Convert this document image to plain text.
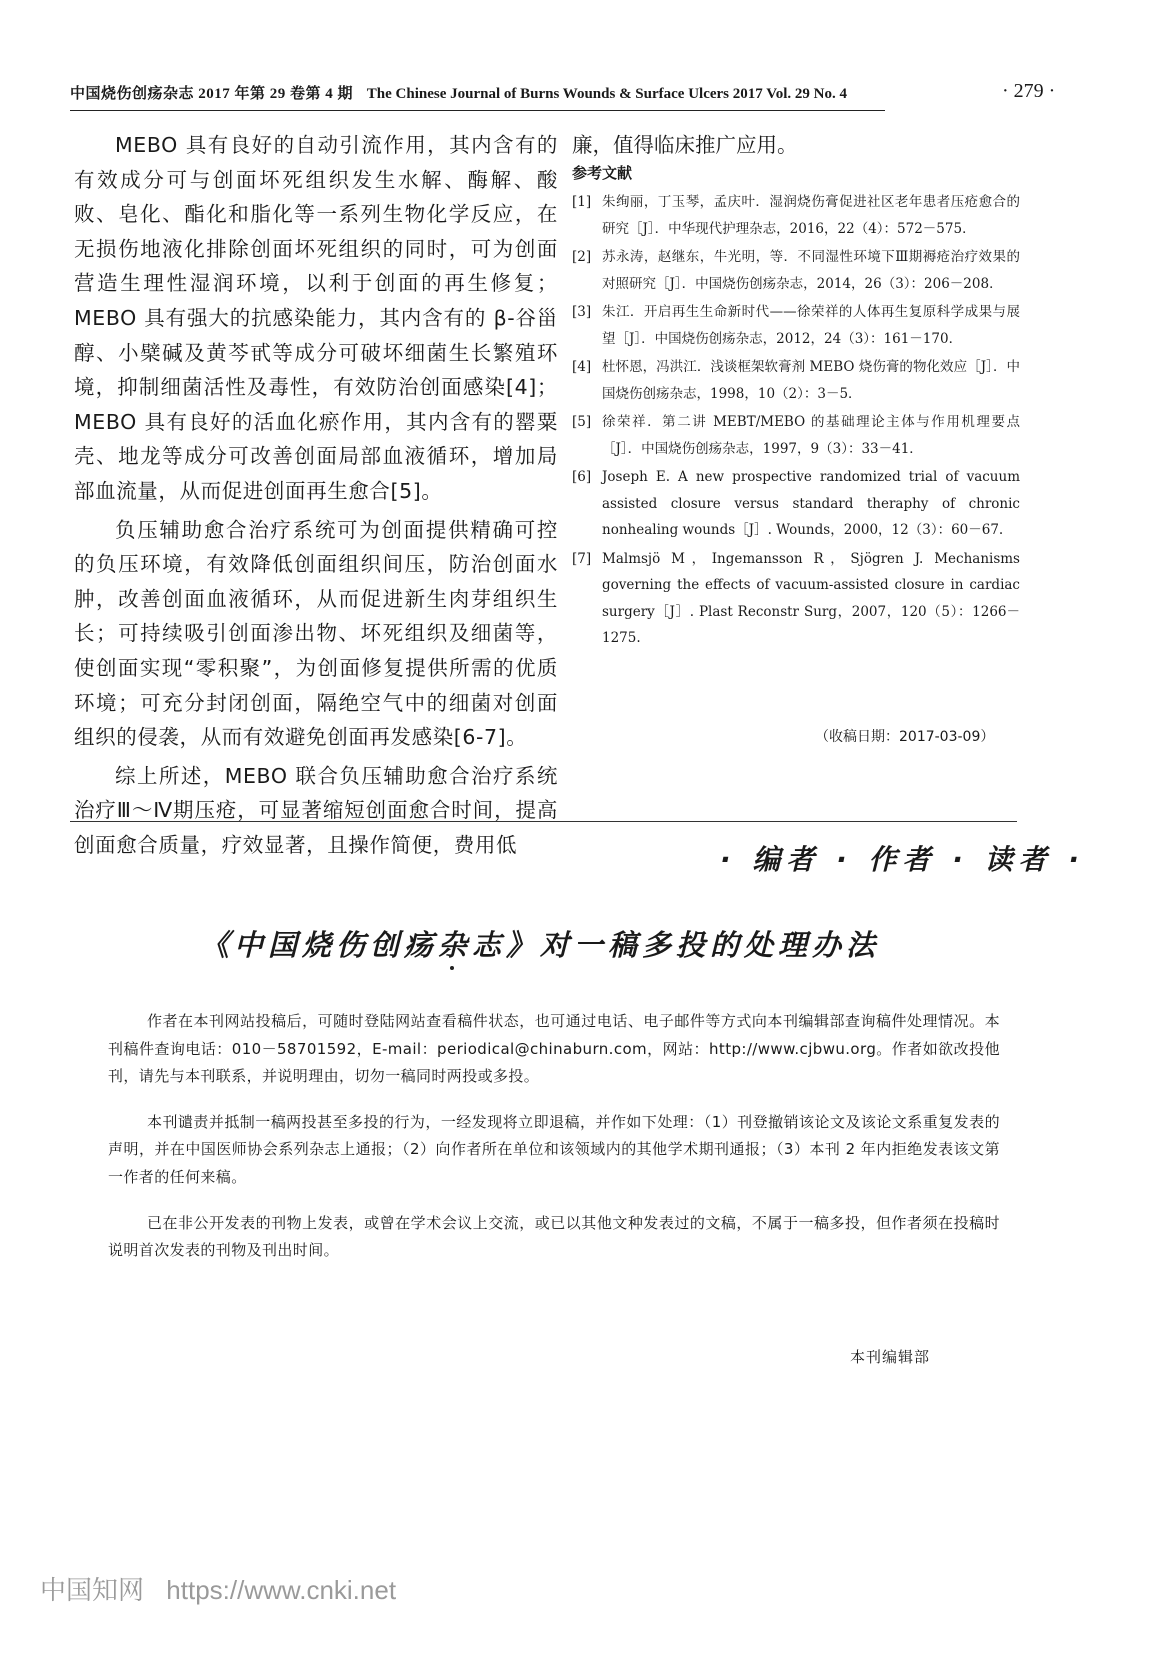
中国烧伤创疡杂志 2017 年第 29 卷第 4 期 The Chinese Journal of Burns Wounds & Surface Ulcers 2017 Vol. 29 No. 4	· 279 ·

MEBO 具有良好的自动引流作用，其内含有的有效成分可与创面坏死组织发生水解、酶解、酸败、皂化、酯化和脂化等一系列生物化学反应，在无损伤地液化排除创面坏死组织的同时，可为创面营造生理性湿润环境，以利于创面的再生修复；MEBO 具有强大的抗感染能力，其内含有的 β-谷甾醇、小檗碱及黄芩甙等成分可破坏细菌生长繁殖环境，抑制细菌活性及毒性，有效防治创面感染[4]；MEBO 具有良好的活血化瘀作用，其内含有的罂粟壳、地龙等成分可改善创面局部血液循环，增加局部血流量，从而促进创面再生愈合[5]。

负压辅助愈合治疗系统可为创面提供精确可控的负压环境，有效降低创面组织间压，防治创面水肿，改善创面血液循环，从而促进新生肉芽组织生长；可持续吸引创面渗出物、坏死组织及细菌等，使创面实现“零积聚”，为创面修复提供所需的优质环境；可充分封闭创面，隔绝空气中的细菌对创面组织的侵袭，从而有效避免创面再发感染[6-7]。

综上所述，MEBO 联合负压辅助愈合治疗系统治疗Ⅲ～Ⅳ期压疮，可显著缩短创面愈合时间，提高创面愈合质量，疗效显著，且操作简便，费用低

廉，值得临床推广应用。

参考文献

[1] 朱绚丽，丁玉琴，孟庆叶．湿润烧伤膏促进社区老年患者压疮愈合的研究［J］．中华现代护理杂志，2016，22（4）：572－575．
[2] 苏永涛，赵继东，牛光明，等．不同湿性环境下Ⅲ期褥疮治疗效果的对照研究［J］．中国烧伤创疡杂志，2014，26（3）：206－208．
[3] 朱江．开启再生生命新时代——徐荣祥的人体再生复原科学成果与展望［J］．中国烧伤创疡杂志，2012，24（3）：161－170．
[4] 杜怀恩，冯洪江．浅谈框架软膏剂 MEBO 烧伤膏的物化效应［J］．中国烧伤创疡杂志，1998，10（2）：3－5．
[5] 徐荣祥．第二讲 MEBT/MEBO 的基础理论主体与作用机理要点［J］．中国烧伤创疡杂志，1997，9（3）：33－41．
[6] Joseph E. A new prospective randomized trial of vacuum assisted closure versus standard theraphy of chronic nonhealing wounds［J］. Wounds，2000，12（3）：60－67.
[7] Malmsjö M，Ingemansson R，Sjögren J. Mechanisms governing the effects of vacuum-assisted closure in cardiac surgery［J］. Plast Reconstr Surg，2007，120（5）：1266－1275.
（收稿日期：2017-03-09）
· 编者 · 作者 · 读者 ·
《中国烧伤创疡杂志》对一稿多投的处理办法

作者在本刊网站投稿后，可随时登陆网站查看稿件状态，也可通过电话、电子邮件等方式向本刊编辑部查询稿件处理情况。本刊稿件查询电话：010－58701592，E-mail：periodical@chinaburn.com，网站：http://www.cjbwu.org。作者如欲改投他刊，请先与本刊联系，并说明理由，切勿一稿同时两投或多投。

本刊谴责并抵制一稿两投甚至多投的行为，一经发现将立即退稿，并作如下处理：（1）刊登撤销该论文及该论文系重复发表的声明，并在中国医师协会系列杂志上通报；（2）向作者所在单位和该领域内的其他学术期刊通报；（3）本刊 2 年内拒绝发表该文第一作者的任何来稿。

已在非公开发表的刊物上发表，或曾在学术会议上交流，或已以其他文种发表过的文稿，不属于一稿多投，但作者须在投稿时说明首次发表的刊物及刊出时间。

本刊编辑部
中国知网 https://www.cnki.net
